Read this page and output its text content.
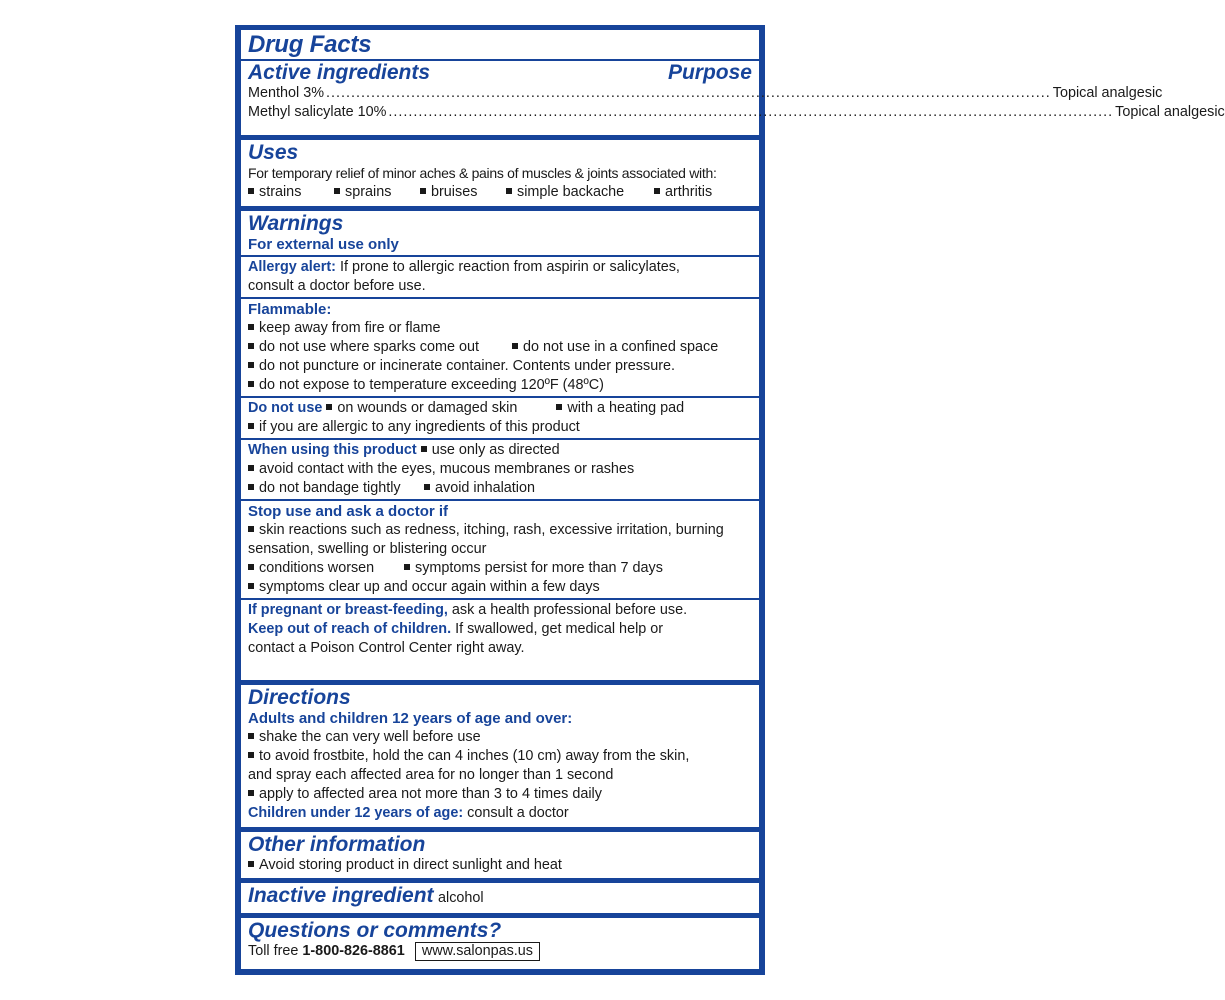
Drug Facts
Active ingredients	Purpose
Menthol 3% ................................................................................................................................................. Topical analgesic
Methyl salicylate 10% ................................................................................................................................................. Topical analgesic
Uses
For temporary relief of minor aches & pains of muscles & joints associated with:
strains	sprains	bruises	simple backache	arthritis
Warnings
For external use only
Allergy alert: If prone to allergic reaction from aspirin or salicylates,
consult a doctor before use.
Flammable:
keep away from fire or flame
do not use where sparks come out	do not use in a confined space
do not puncture or incinerate container. Contents under pressure.
do not expose to temperature exceeding 120ºF (48ºC)
Do not use on wounds or damaged skin	with a heating pad
if you are allergic to any ingredients of this product
When using this product use only as directed
avoid contact with the eyes, mucous membranes or rashes
do not bandage tightly avoid inhalation
Stop use and ask a doctor if
skin reactions such as redness, itching, rash, excessive irritation, burning
sensation, swelling or blistering occur
conditions worsen	symptoms persist for more than 7 days
symptoms clear up and occur again within a few days
If pregnant or breast-feeding, ask a health professional before use.
Keep out of reach of children. If swallowed, get medical help or
contact a Poison Control Center right away.
Directions
Adults and children 12 years of age and over:
shake the can very well before use
to avoid frostbite, hold the can 4 inches (10 cm) away from the skin,
and spray each affected area for no longer than 1 second
apply to affected area not more than 3 to 4 times daily
Children under 12 years of age: consult a doctor
Other information
Avoid storing product in direct sunlight and heat
Inactive ingredient alcohol
Questions or comments?
Toll free 1-800-826-8861 www.salonpas.us
